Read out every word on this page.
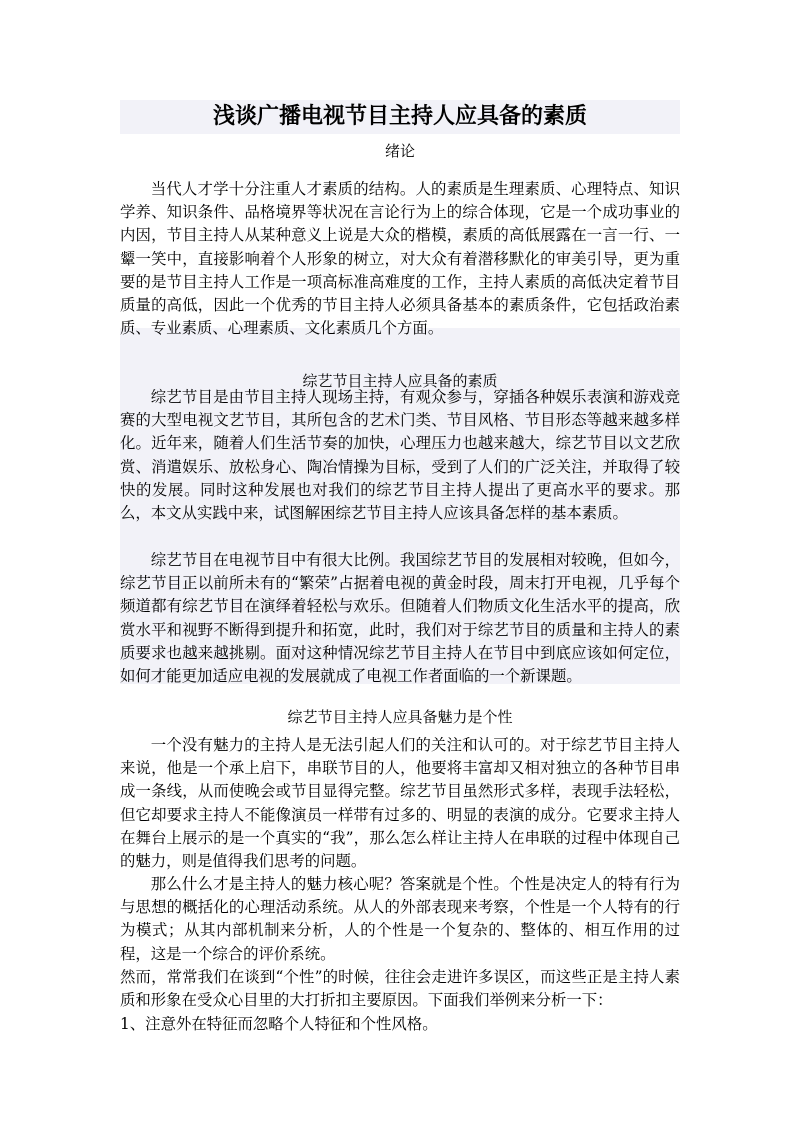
浅谈广播电视节目主持人应具备的素质
绪论

当代人才学十分注重人才素质的结构。人的素质是生理素质、心理特点、知识学养、知识条件、品格境界等状况在言论行为上的综合体现，它是一个成功事业的内因，节目主持人从某种意义上说是大众的楷模，素质的高低展露在一言一行、一颦一笑中，直接影响着个人形象的树立，对大众有着潜移默化的审美引导，更为重要的是节目主持人工作是一项高标准高难度的工作，主持人素质的高低决定着节目质量的高低，因此一个优秀的节目主持人必须具备基本的素质条件，它包括政治素质、专业素质、心理素质、文化素质几个方面。

综艺节目主持人应具备的素质

综艺节目是由节目主持人现场主持，有观众参与，穿插各种娱乐表演和游戏竞赛的大型电视文艺节目，其所包含的艺术门类、节目风格、节目形态等越来越多样化。近年来，随着人们生活节奏的加快，心理压力也越来越大，综艺节目以文艺欣赏、消遣娱乐、放松身心、陶冶情操为目标，受到了人们的广泛关注，并取得了较快的发展。同时这种发展也对我们的综艺节目主持人提出了更高水平的要求。那么，本文从实践中来，试图解困综艺节目主持人应该具备怎样的基本素质。

综艺节目在电视节目中有很大比例。我国综艺节目的发展相对较晚，但如今，综艺节目正以前所未有的“繁荣”占据着电视的黄金时段，周末打开电视，几乎每个频道都有综艺节目在演绎着轻松与欢乐。但随着人们物质文化生活水平的提高，欣赏水平和视野不断得到提升和拓宽，此时，我们对于综艺节目的质量和主持人的素质要求也越来越挑剔。面对这种情况综艺节目主持人在节目中到底应该如何定位，如何才能更加适应电视的发展就成了电视工作者面临的一个新课题。

综艺节目主持人应具备魅力是个性

一个没有魅力的主持人是无法引起人们的关注和认可的。对于综艺节目主持人来说，他是一个承上启下，串联节目的人，他要将丰富却又相对独立的各种节目串成一条线，从而使晚会或节目显得完整。综艺节目虽然形式多样，表现手法轻松，但它却要求主持人不能像演员一样带有过多的、明显的表演的成分。它要求主持人在舞台上展示的是一个真实的“我”，那么怎么样让主持人在串联的过程中体现自己的魅力，则是值得我们思考的问题。

那么什么才是主持人的魅力核心呢？答案就是个性。个性是决定人的特有行为与思想的概括化的心理活动系统。从人的外部表现来考察，个性是一个人特有的行为模式；从其内部机制来分析，人的个性是一个复杂的、整体的、相互作用的过程，这是一个综合的评价系统。

然而，常常我们在谈到“个性”的时候，往往会走进许多误区，而这些正是主持人素质和形象在受众心目里的大打折扣主要原因。下面我们举例来分析一下：

1、注意外在特征而忽略个人特征和个性风格。
